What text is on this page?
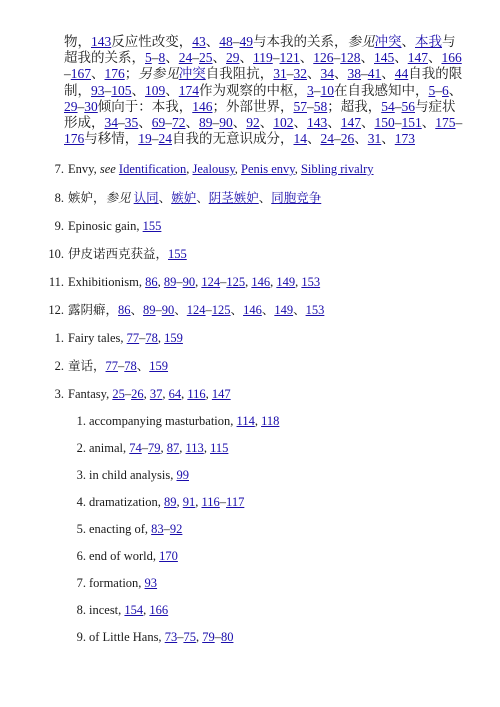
物，143反应性改变，43、48–49与本我的关系，参见冲突、本我与超我的关系，5–8、24–25、29、119–121、126–128、145、147、166–167、176；另参见冲突自我阻抗，31–32、34、38–41、44自我的限制，93–105、109、174作为观察的中枢，3–10在自我感知中，5–6、29–30倾向于：本我，146；外部世界，57–58；超我，54–56与症状形成，34–35、69–72、89–90、92、102、143、147、150–151、175–176与移情，19–24自我的无意识成分，14、24–26、31、173

7. Envy, see Identification, Jealousy, Penis envy, Sibling rivalry
8. 嫉妒，参见 认同、嫉妒、阴茎嫉妒、同胞竞争
9. Epinosic gain, 155
10. 伊皮诺西克获益，155
11. Exhibitionism, 86, 89–90, 124–125, 146, 149, 153
12. 露阴癖，86、89–90、124–125、146、149、153
1. Fairy tales, 77–78, 159
2. 童话，77–78、159
3. Fantasy, 25–26, 37, 64, 116, 147
1. accompanying masturbation, 114, 118
2. animal, 74–79, 87, 113, 115
3. in child analysis, 99
4. dramatization, 89, 91, 116–117
5. enacting of, 83–92
6. end of world, 170
7. formation, 93
8. incest, 154, 166
9. of Little Hans, 73–75, 79–80
